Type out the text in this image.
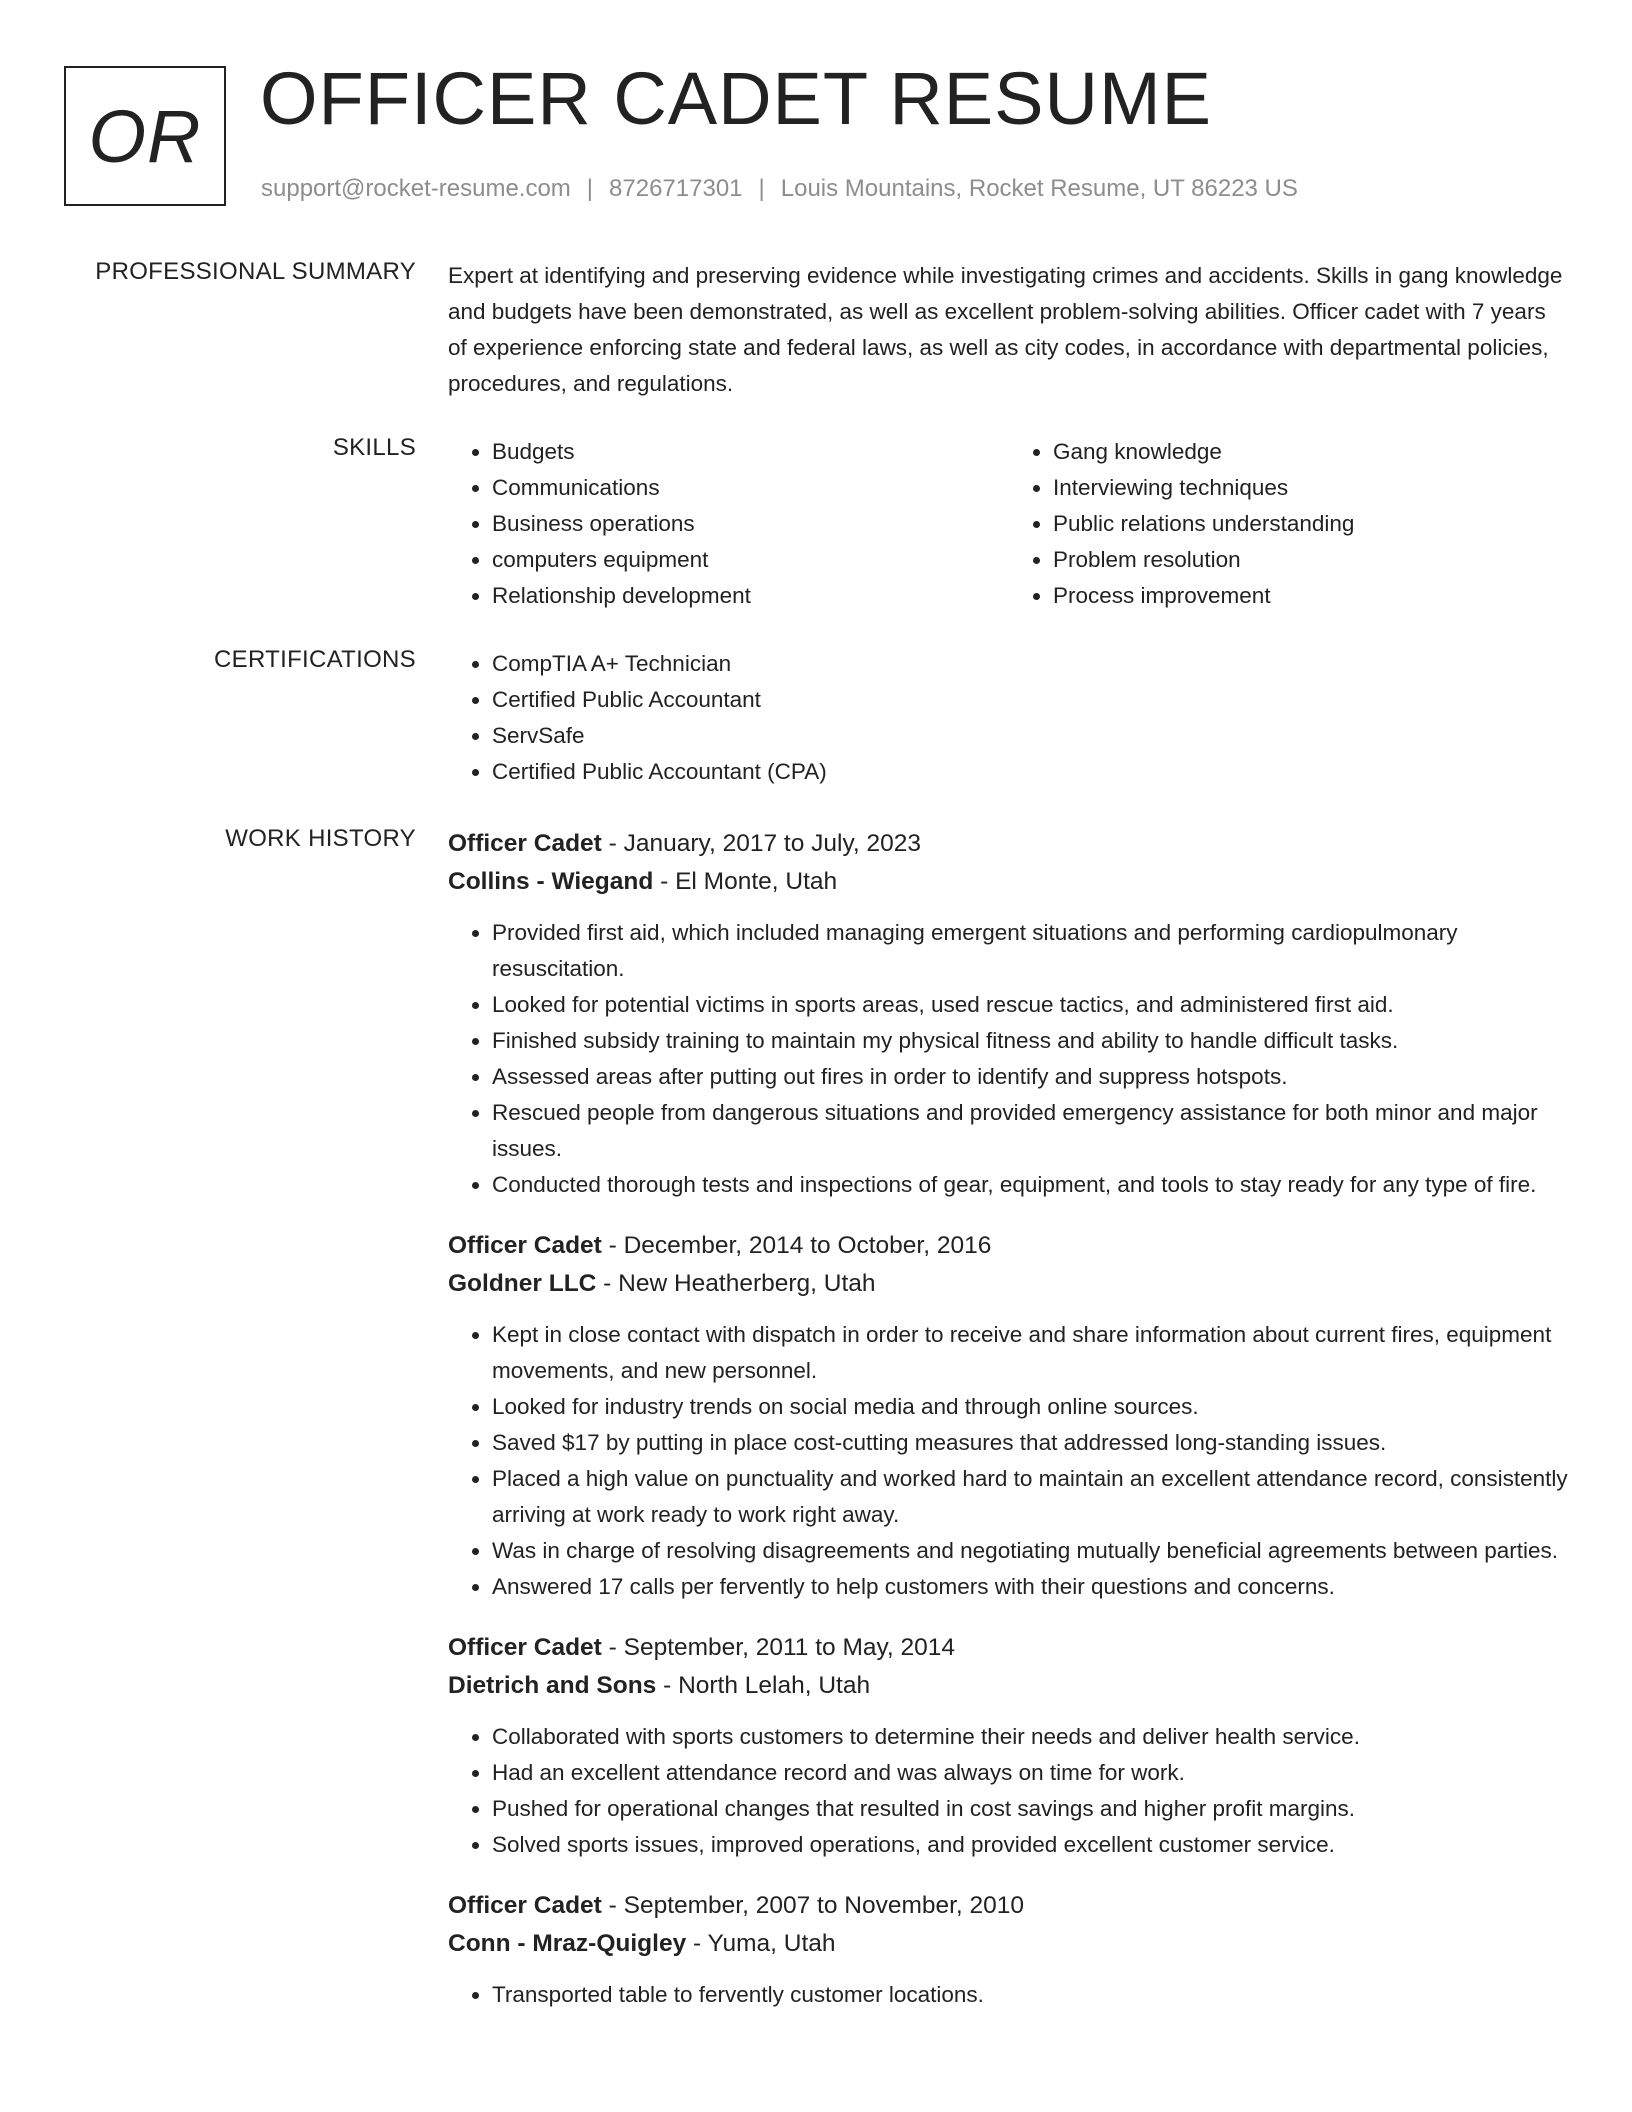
OR OFFICER CADET RESUME
support@rocket-resume.com | 8726717301 | Louis Mountains, Rocket Resume, UT 86223 US
PROFESSIONAL SUMMARY Expert at identifying and preserving evidence while investigating crimes and accidents. Skills in gang knowledge and budgets have been demonstrated, as well as excellent problem-solving abilities. Officer cadet with 7 years of experience enforcing state and federal laws, as well as city codes, in accordance with departmental policies, procedures, and regulations.

SKILLS	• Budgets
• Communications
• Business operations
• computers equipment
• Relationship development
• Gang knowledge
• Interviewing techniques
• Public relations understanding
• Problem resolution
• Process improvement
CERTIFICATIONS	• CompTIA A+ Technician
• Certified Public Accountant
• ServSafe
• Certified Public Accountant (CPA)
WORK HISTORY Officer Cadet - January, 2017 to July, 2023
Collins - Wiegand - El Monte, Utah
• Provided first aid, which included managing emergent situations and performing cardiopulmonary resuscitation.
• Looked for potential victims in sports areas, used rescue tactics, and administered first aid.
• Finished subsidy training to maintain my physical fitness and ability to handle difficult tasks.
• Assessed areas after putting out fires in order to identify and suppress hotspots.
• Rescued people from dangerous situations and provided emergency assistance for both minor and major issues.
• Conducted thorough tests and inspections of gear, equipment, and tools to stay ready for any type of fire.
Officer Cadet - December, 2014 to October, 2016
Goldner LLC - New Heatherberg, Utah
• Kept in close contact with dispatch in order to receive and share information about current fires, equipment movements, and new personnel.
• Looked for industry trends on social media and through online sources.
• Saved $17 by putting in place cost-cutting measures that addressed long-standing issues.
• Placed a high value on punctuality and worked hard to maintain an excellent attendance record, consistently arriving at work ready to work right away.
• Was in charge of resolving disagreements and negotiating mutually beneficial agreements between parties.
• Answered 17 calls per fervently to help customers with their questions and concerns.
Officer Cadet - September, 2011 to May, 2014
Dietrich and Sons - North Lelah, Utah
• Collaborated with sports customers to determine their needs and deliver health service.
• Had an excellent attendance record and was always on time for work.
• Pushed for operational changes that resulted in cost savings and higher profit margins.
• Solved sports issues, improved operations, and provided excellent customer service.
Officer Cadet - September, 2007 to November, 2010
Conn - Mraz-Quigley - Yuma, Utah
• Transported table to fervently customer locations.
